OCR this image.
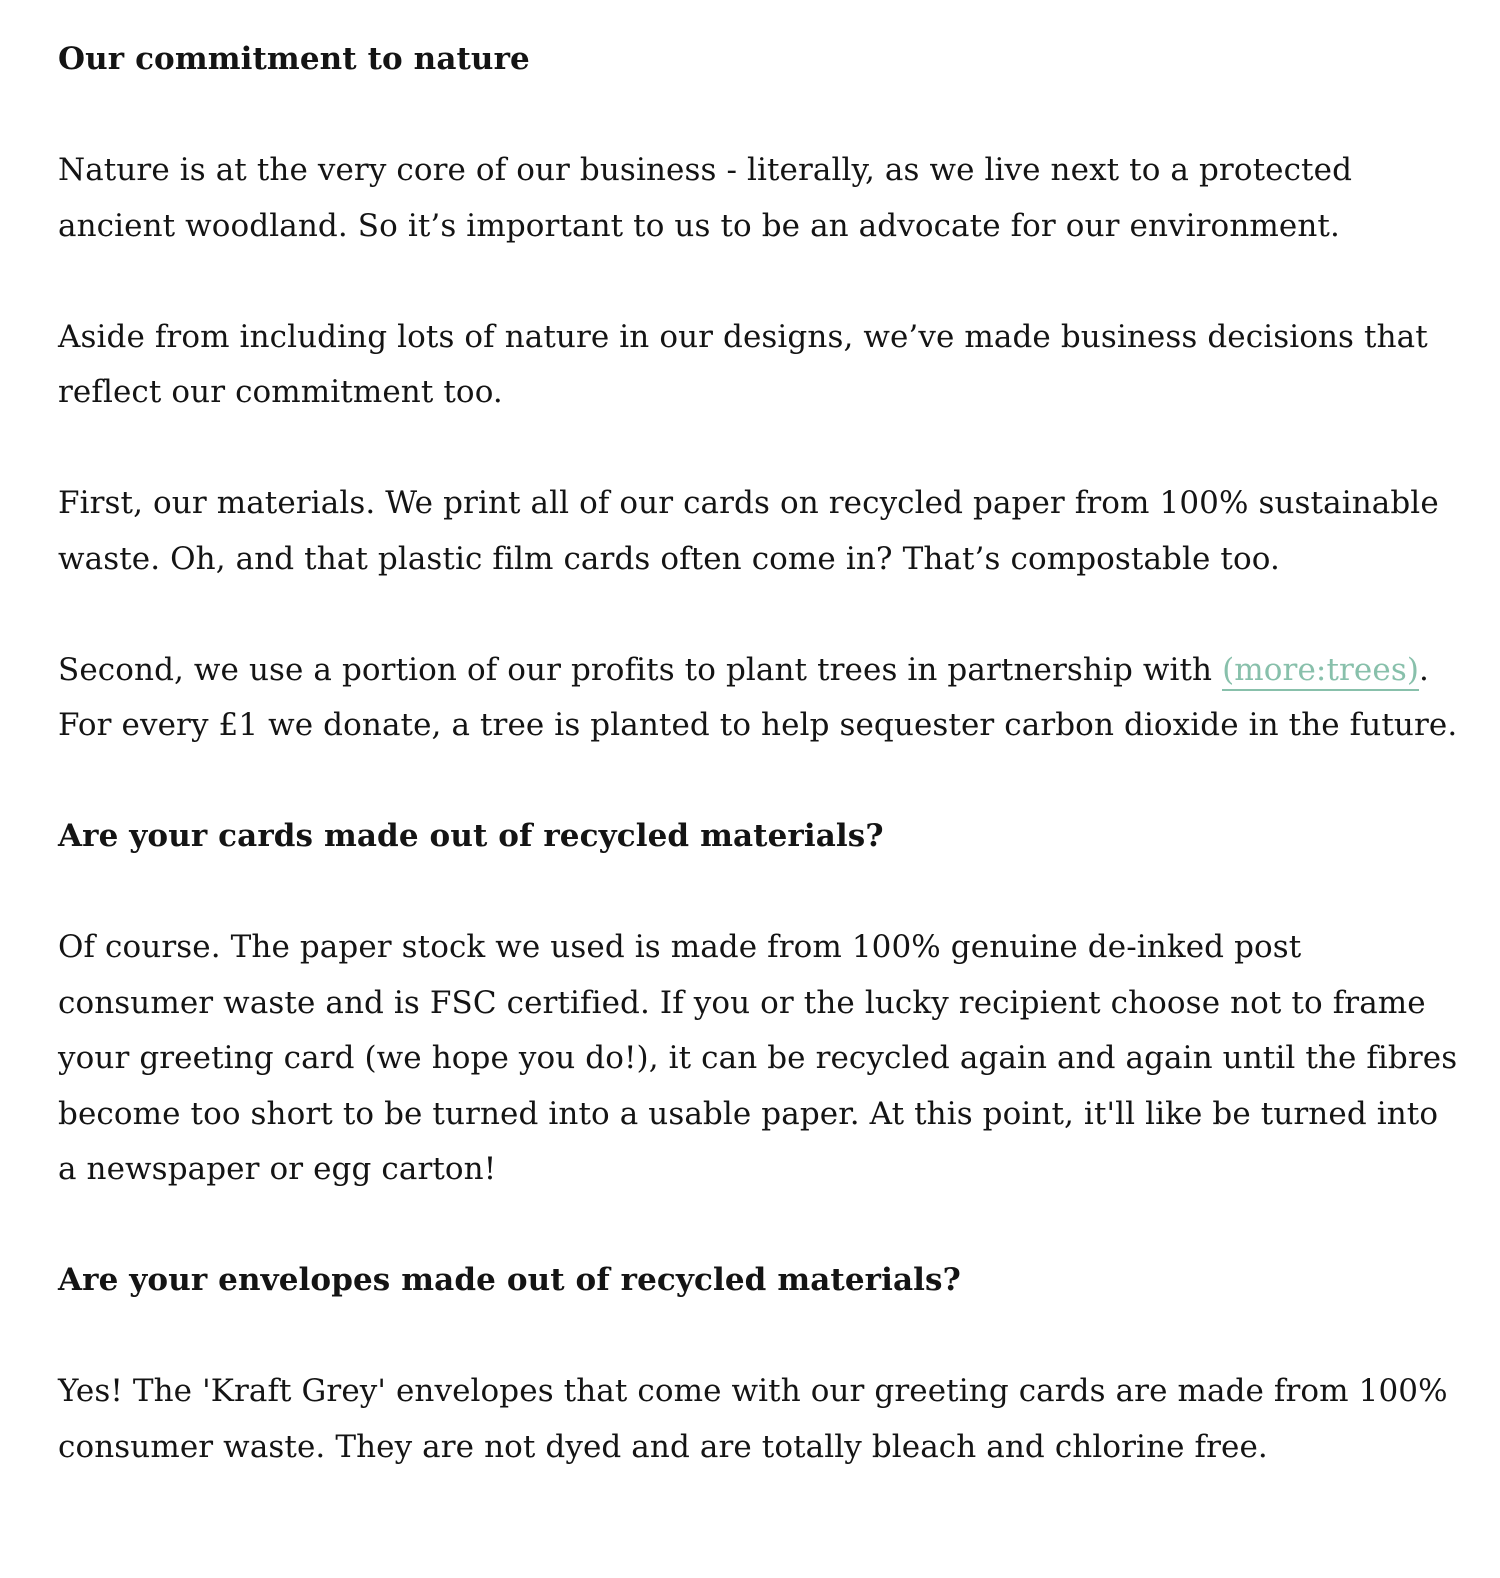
Our commitment to nature

Nature is at the very core of our business - literally, as we live next to a protected ancient woodland. So it’s important to us to be an advocate for our environment.

Aside from including lots of nature in our designs, we’ve made business decisions that reflect our commitment too.

First, our materials. We print all of our cards on recycled paper from 100% sustainable waste. Oh, and that plastic film cards often come in? That’s compostable too.

Second, we use a portion of our profits to plant trees in partnership with (more:trees). For every £1 we donate, a tree is planted to help sequester carbon dioxide in the future.

Are your cards made out of recycled materials?

Of course. The paper stock we used is made from 100% genuine de-inked post consumer waste and is FSC certified. If you or the lucky recipient choose not to frame your greeting card (we hope you do!), it can be recycled again and again until the fibres become too short to be turned into a usable paper. At this point, it'll like be turned into a newspaper or egg carton!

Are your envelopes made out of recycled materials?

Yes! The 'Kraft Grey' envelopes that come with our greeting cards are made from 100% consumer waste. They are not dyed and are totally bleach and chlorine free.
